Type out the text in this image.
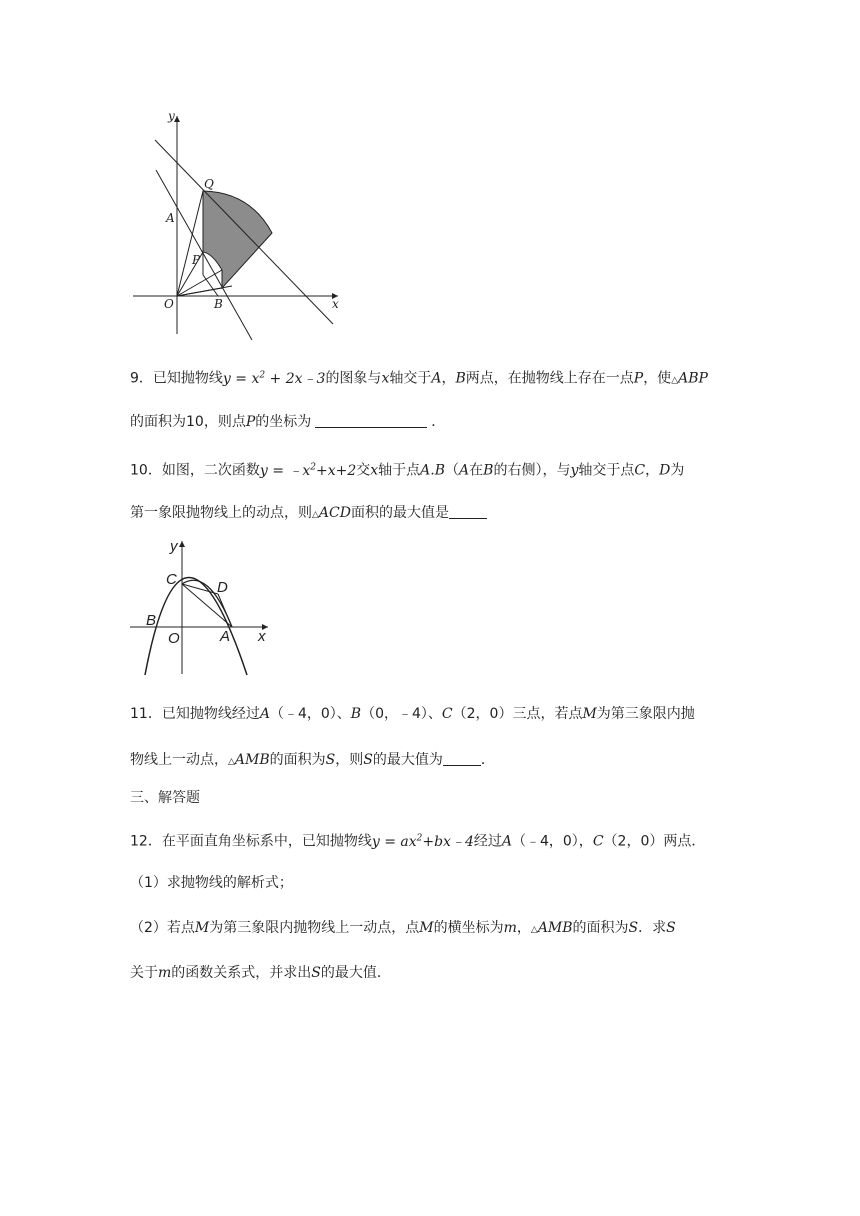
y
x
Q
A
P
O	B
9．已知抛物线$y = x^2$ + 2x﹣3的图象与x轴交于A，B两点，在抛物线上存在一点P，使△ABP
的面积为10，则点P的坐标为	．
10．如图，二次函数$y = ﹣x^2+x+2$交x轴于点A.B（A在B的右侧），与y轴交于点C，D为
第一象限抛物线上的动点，则△ACD面积的最大值是
y
x
C	D
B
O	A
11．已知抛物线经过A（﹣4，0）、B（0，﹣4）、C（2，0）三点，若点M为第三象限内抛
物线上一动点，△AMB的面积为S，则S的最大值为	．
三、解答题
12．在平面直角坐标系中，已知抛物线$y = ax^2+bx﹣4$经过A（﹣4，0），C（2，0）两点．
（1）求抛物线的解析式；
（2）若点M为第三象限内抛物线上一动点，点M的横坐标为m，△AMB的面积为S．求S
关于m的函数关系式，并求出S的最大值．
